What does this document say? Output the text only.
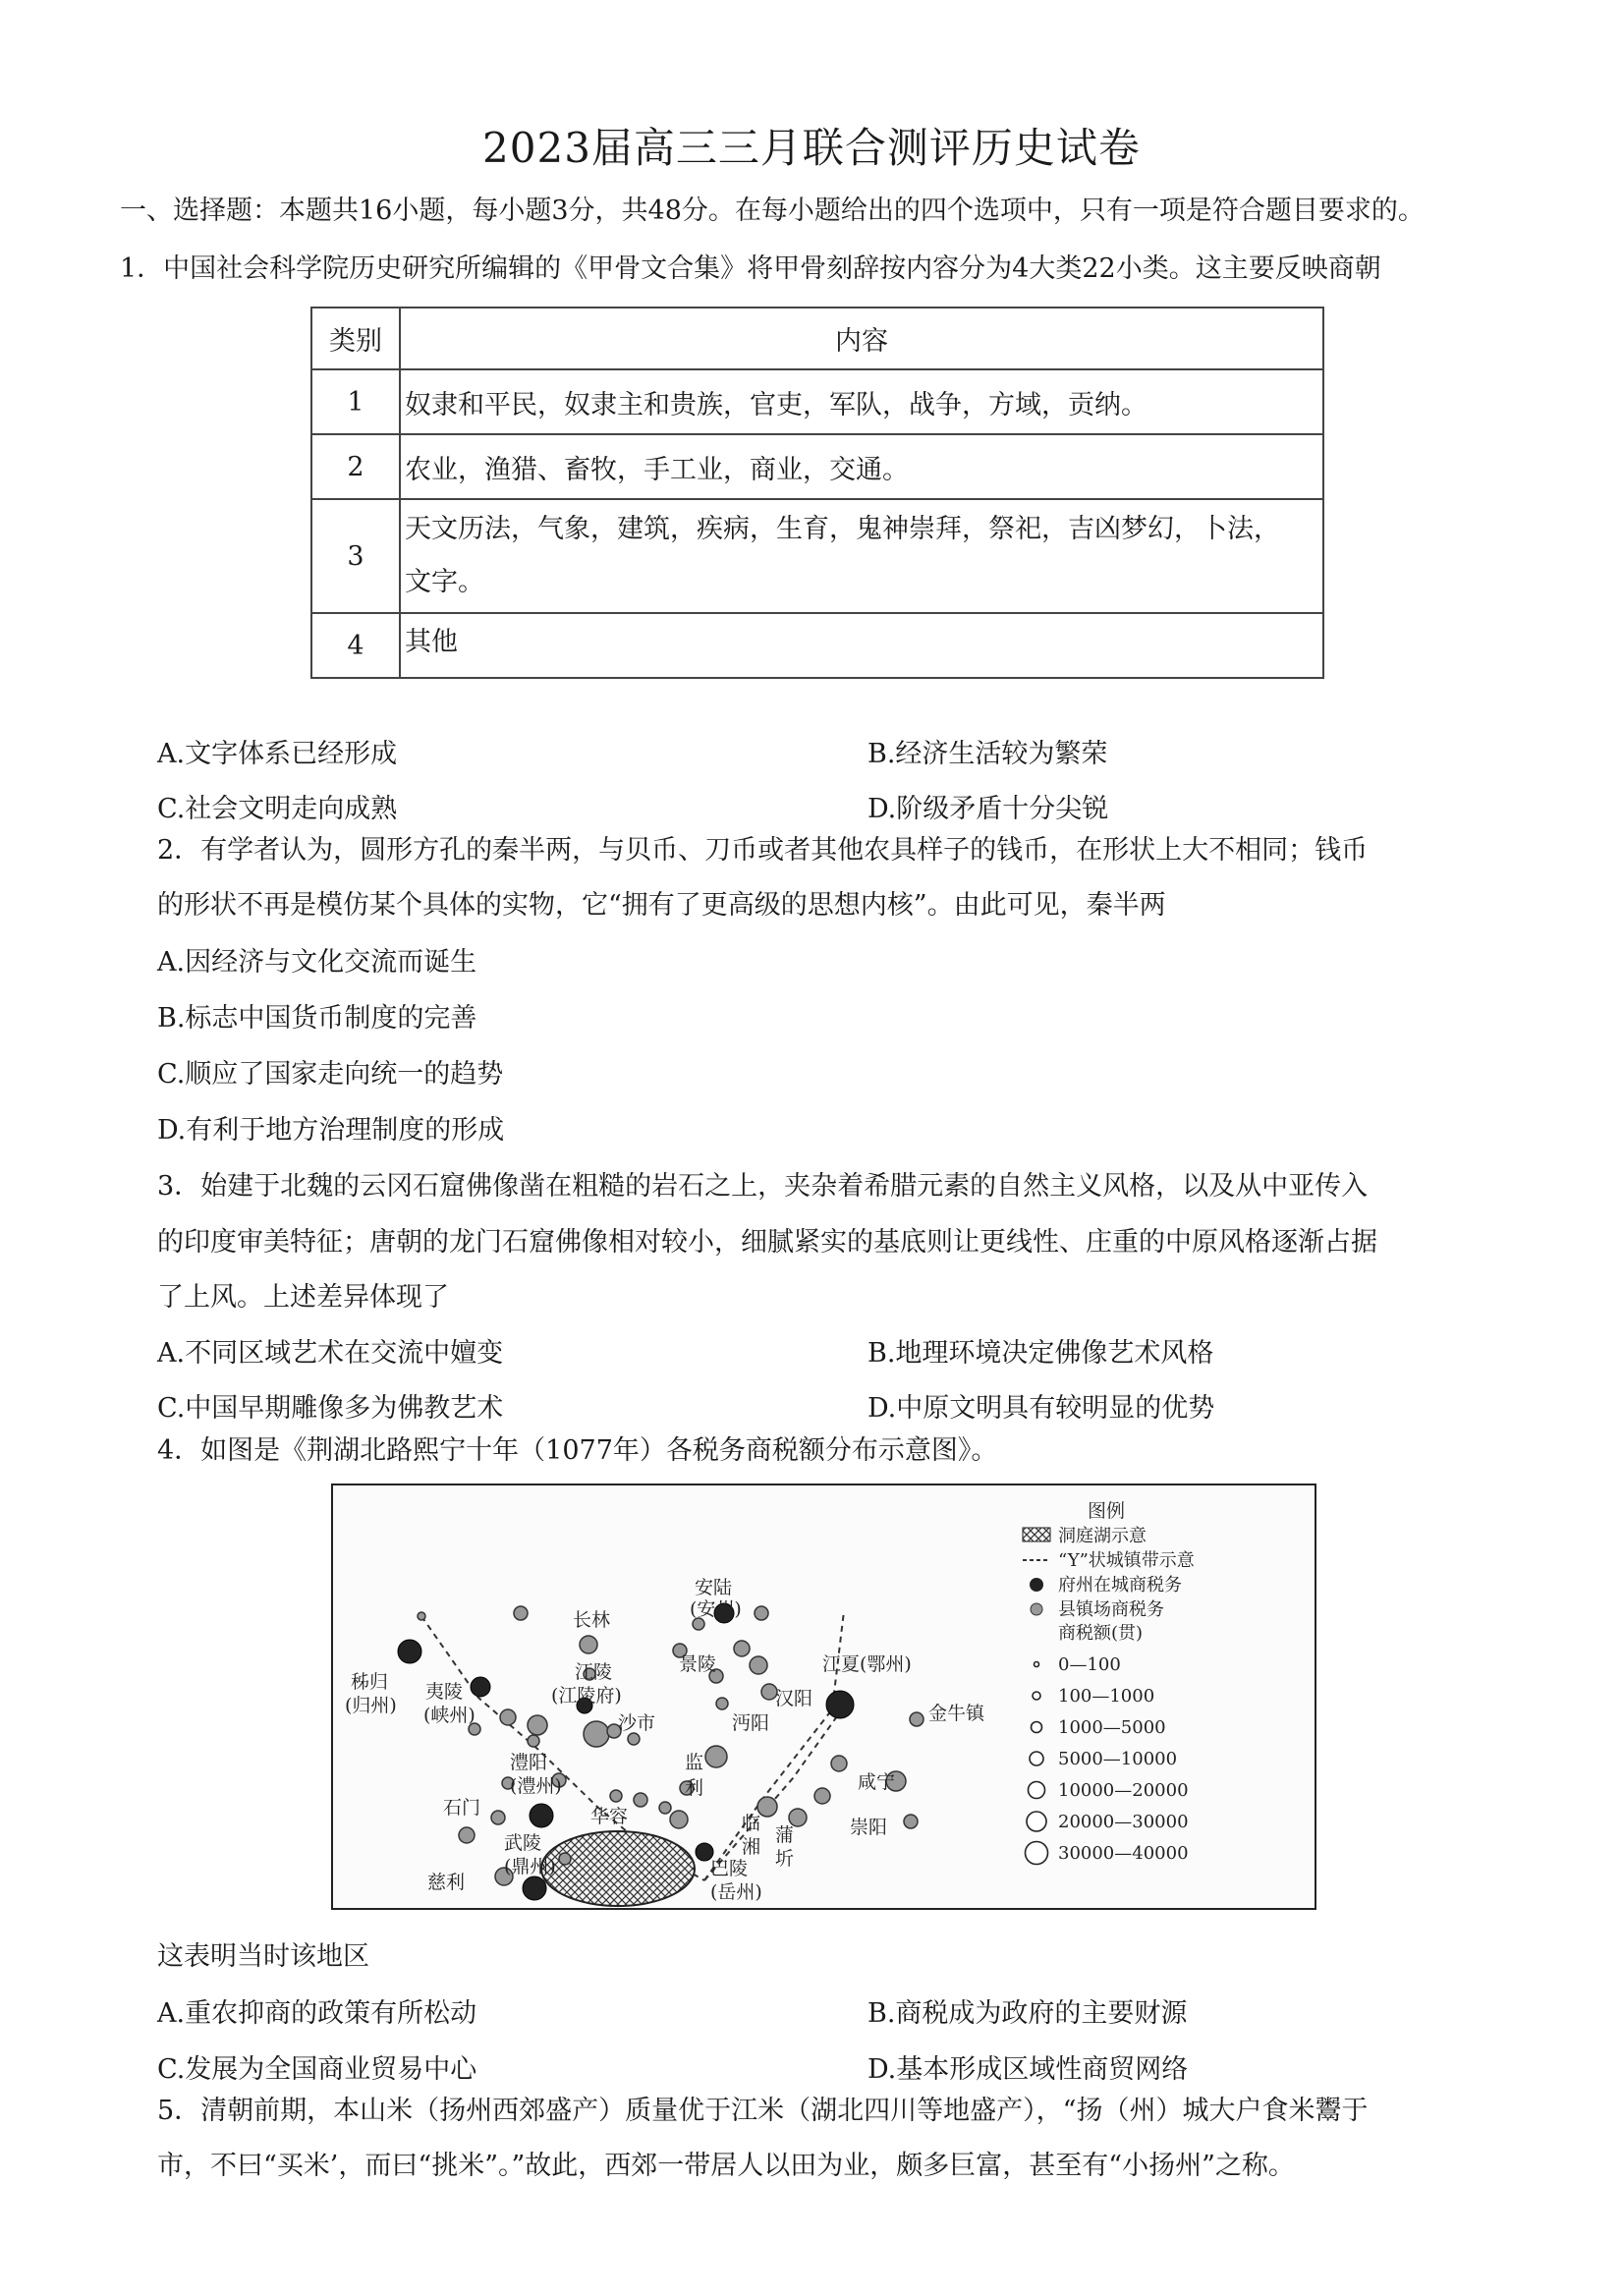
2023届高三三月联合测评历史试卷
一、选择题：本题共16小题，每小题3分，共48分。在每小题给出的四个选项中，只有一项是符合题目要求的。
1．中国社会科学院历史研究所编辑的《甲骨文合集》将甲骨刻辞按内容分为4大类22小类。这主要反映商朝
类别	内容
1	奴隶和平民，奴隶主和贵族，官吏，军队，战争，方域，贡纳。
2	农业，渔猎、畜牧，手工业，商业，交通。
3	天文历法，气象，建筑，疾病，生育，鬼神崇拜，祭祀，吉凶梦幻，卜法，
文字。
4	其他
A.文字体系已经形成	B.经济生活较为繁荣
C.社会文明走向成熟	D.阶级矛盾十分尖锐
2．有学者认为，圆形方孔的秦半两，与贝币、刀币或者其他农具样子的钱币，在形状上大不相同；钱币
的形状不再是模仿某个具体的实物，它“拥有了更高级的思想内核”。由此可见，秦半两
A.因经济与文化交流而诞生
B.标志中国货币制度的完善
C.顺应了国家走向统一的趋势
D.有利于地方治理制度的形成
3．始建于北魏的云冈石窟佛像凿在粗糙的岩石之上，夹杂着希腊元素的自然主义风格，以及从中亚传入
的印度审美特征；唐朝的龙门石窟佛像相对较小，细腻紧实的基底则让更线性、庄重的中原风格逐渐占据
了上风。上述差异体现了
A.不同区域艺术在交流中嬗变	B.地理环境决定佛像艺术风格
C.中国早期雕像多为佛教艺术	D.中原文明具有较明显的优势
4．如图是《荆湖北路熙宁十年（1077年）各税务商税额分布示意图》。
安陆
(安州)
长林
江陵
(江陵府)
秭归
(归州)
夷陵
(峡州)
景陵	江夏(鄂州)
汉阳
金牛镇
沙市	沔阳
监
利	咸宁
澧阳
(澧州)
石门	华容	临
湘
蒲
圻
崇阳
武陵
(鼎州)	巴陵
(岳州)
慈利
图例
洞庭湖示意
“Y”状城镇带示意
府州在城商税务
县镇场商税务
商税额(贯)
0—100
100—1000
1000—5000
5000—10000
10000—20000
20000—30000
30000—40000
这表明当时该地区
A.重农抑商的政策有所松动	B.商税成为政府的主要财源
C.发展为全国商业贸易中心	D.基本形成区域性商贸网络
5．清朝前期，本山米（扬州西郊盛产）质量优于江米（湖北四川等地盛产），“扬（州）城大户食米鬻于
市，不曰“买米’，而曰“挑米”。”故此，西郊一带居人以田为业，颇多巨富，甚至有“小扬州”之称。
